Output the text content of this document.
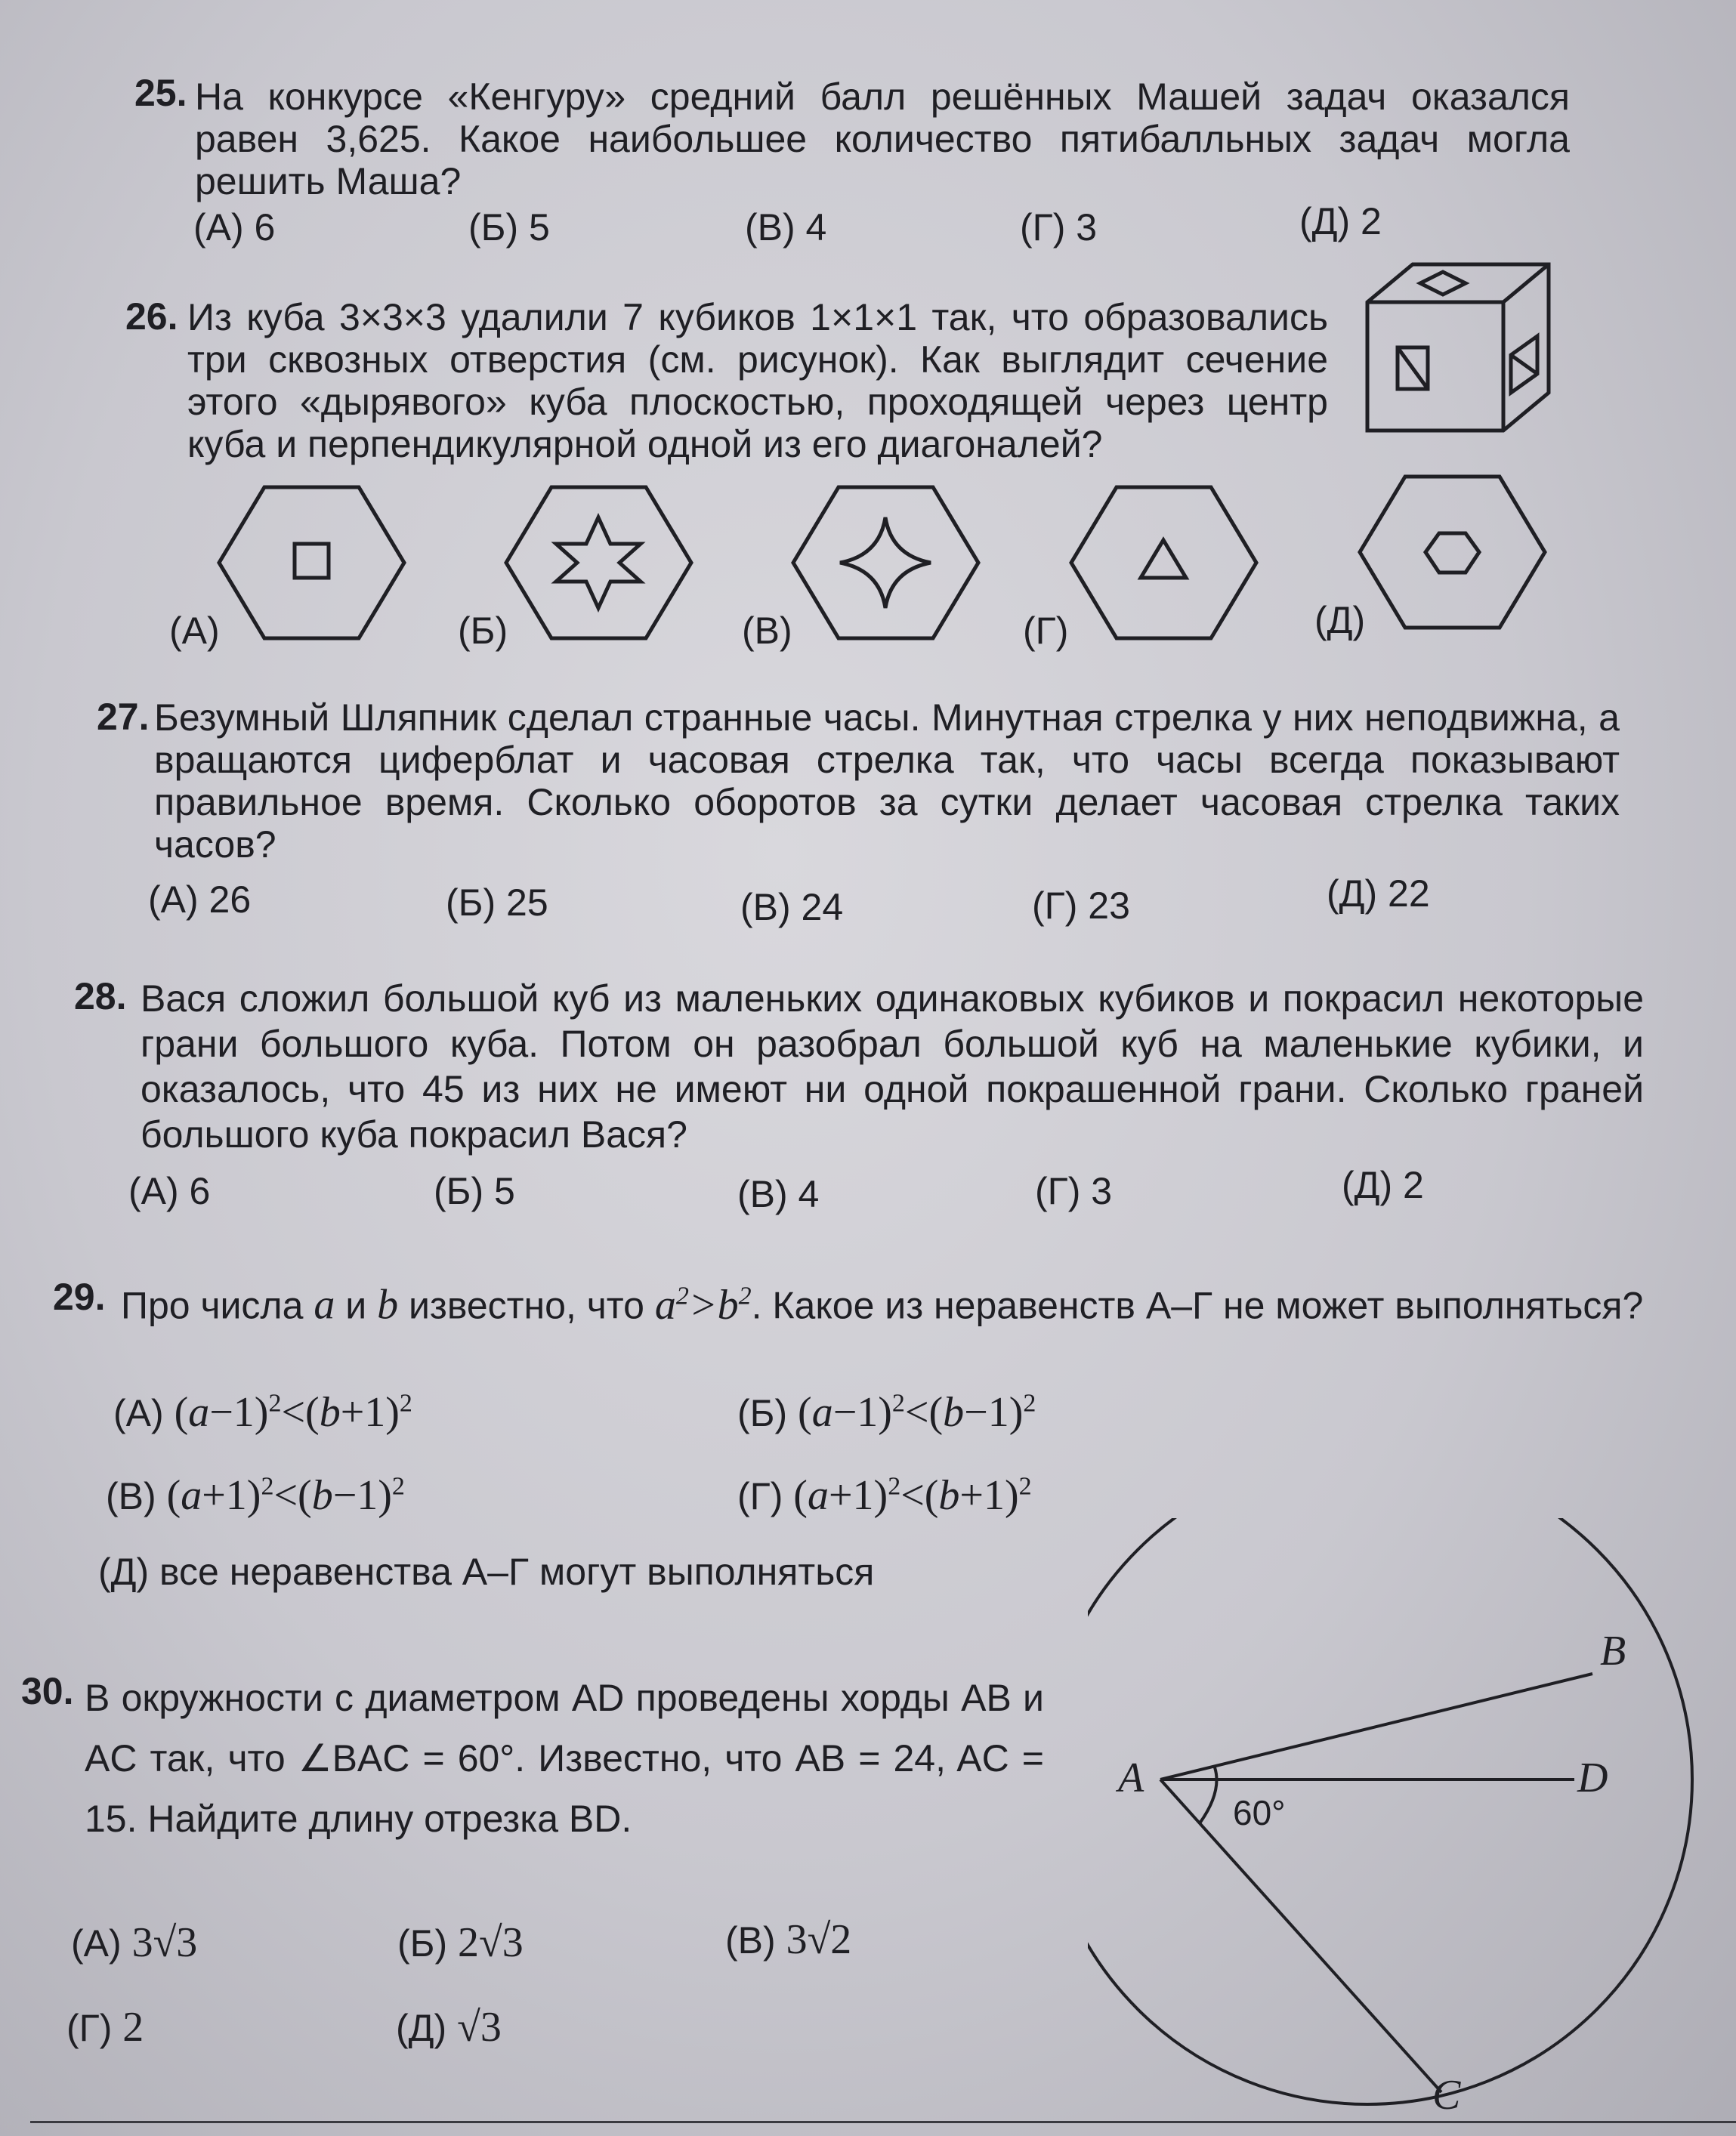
25. На конкурсе «Кенгуру» средний балл решённых Машей задач оказался равен 3,625. Какое наибольшее количество пятибалльных задач могла решить Маша?
(А) 6	(Б) 5	(В) 4	(Г) 3	(Д) 2
26. Из куба 3×3×3 удалили 7 кубиков 1×1×1 так, что образовались три сквозных отверстия (см. рисунок). Как выглядит сечение этого «дырявого» куба плоскостью, проходящей через центр куба и перпендикулярной одной из его диагоналей?
(А)	(Б)	(В)	(Г)	(Д)
27. Безумный Шляпник сделал странные часы. Минутная стрелка у них неподвижна, а вращаются циферблат и часовая стрелка так, что часы всегда показывают правильное время. Сколько оборотов за сутки делает часовая стрелка таких часов?
(А) 26	(Б) 25	(В) 24	(Г) 23	(Д) 22
28. Вася сложил большой куб из маленьких одинаковых кубиков и покрасил некоторые грани большого куба. Потом он разобрал большой куб на маленькие кубики, и оказалось, что 45 из них не имеют ни одной покрашенной грани. Сколько граней большого куба покрасил Вася?
(А) 6	(Б) 5	(В) 4	(Г) 3	(Д) 2
29. Про числа a и b известно, что $a^2>b^2$. Какое из неравенств А–Г не может выполняться?
(А) $(a-1)^2<(b+1)^2$	(Б) $(a-1)^2<(b-1)^2$
(В) $(a+1)^2<(b-1)^2$	(Г) $(a+1)^2<(b+1)^2$
(Д) все неравенства А–Г могут выполняться
30. В окружности с диаметром AD проведены хорды AB и AC так, что ∠BAC = 60°. Известно, что AB = 24, AC = 15. Найдите длину отрезка BD.
(А) 3√3	(Б) 2√3	(В) 3√2
(Г) 2	(Д) √3
A
B
C
D
60°
